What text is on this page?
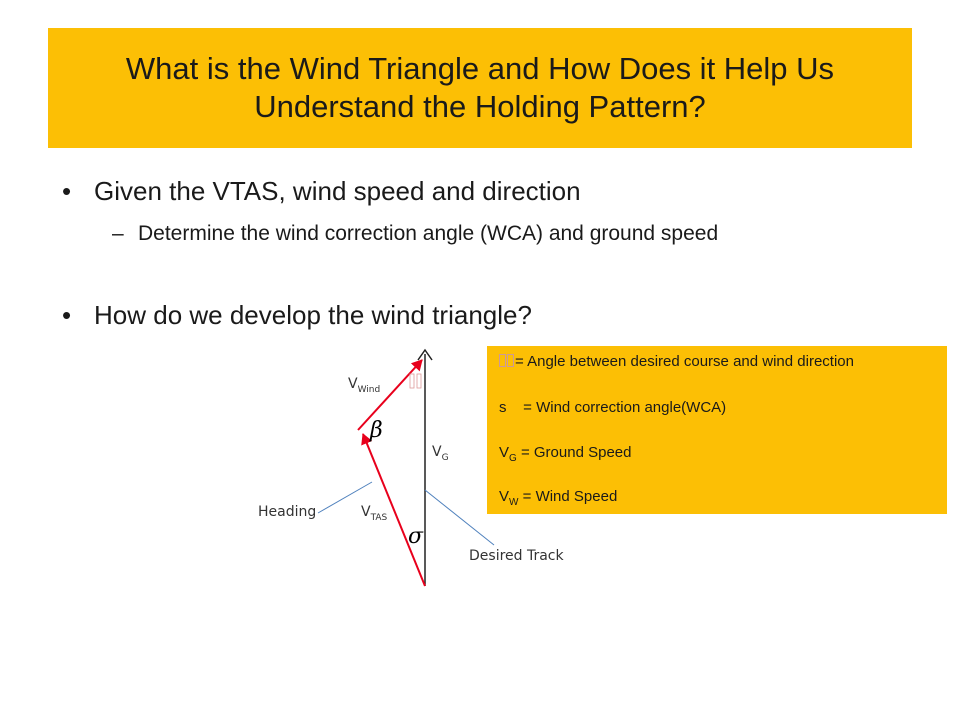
What is the Wind Triangle and How Does it Help Us Understand the Holding Pattern?
• Given the VTAS, wind speed and direction
– Determine the wind correction angle (WCA) and ground speed
• How do we develop the wind triangle?
$V_{Wind}$
β
$V_G$
Heading	$V_{TAS}$
σ
Desired Track
= Angle between desired course and wind direction
s = Wind correction angle(WCA)
$V_G$ = Ground Speed
$V_W$ = Wind Speed
